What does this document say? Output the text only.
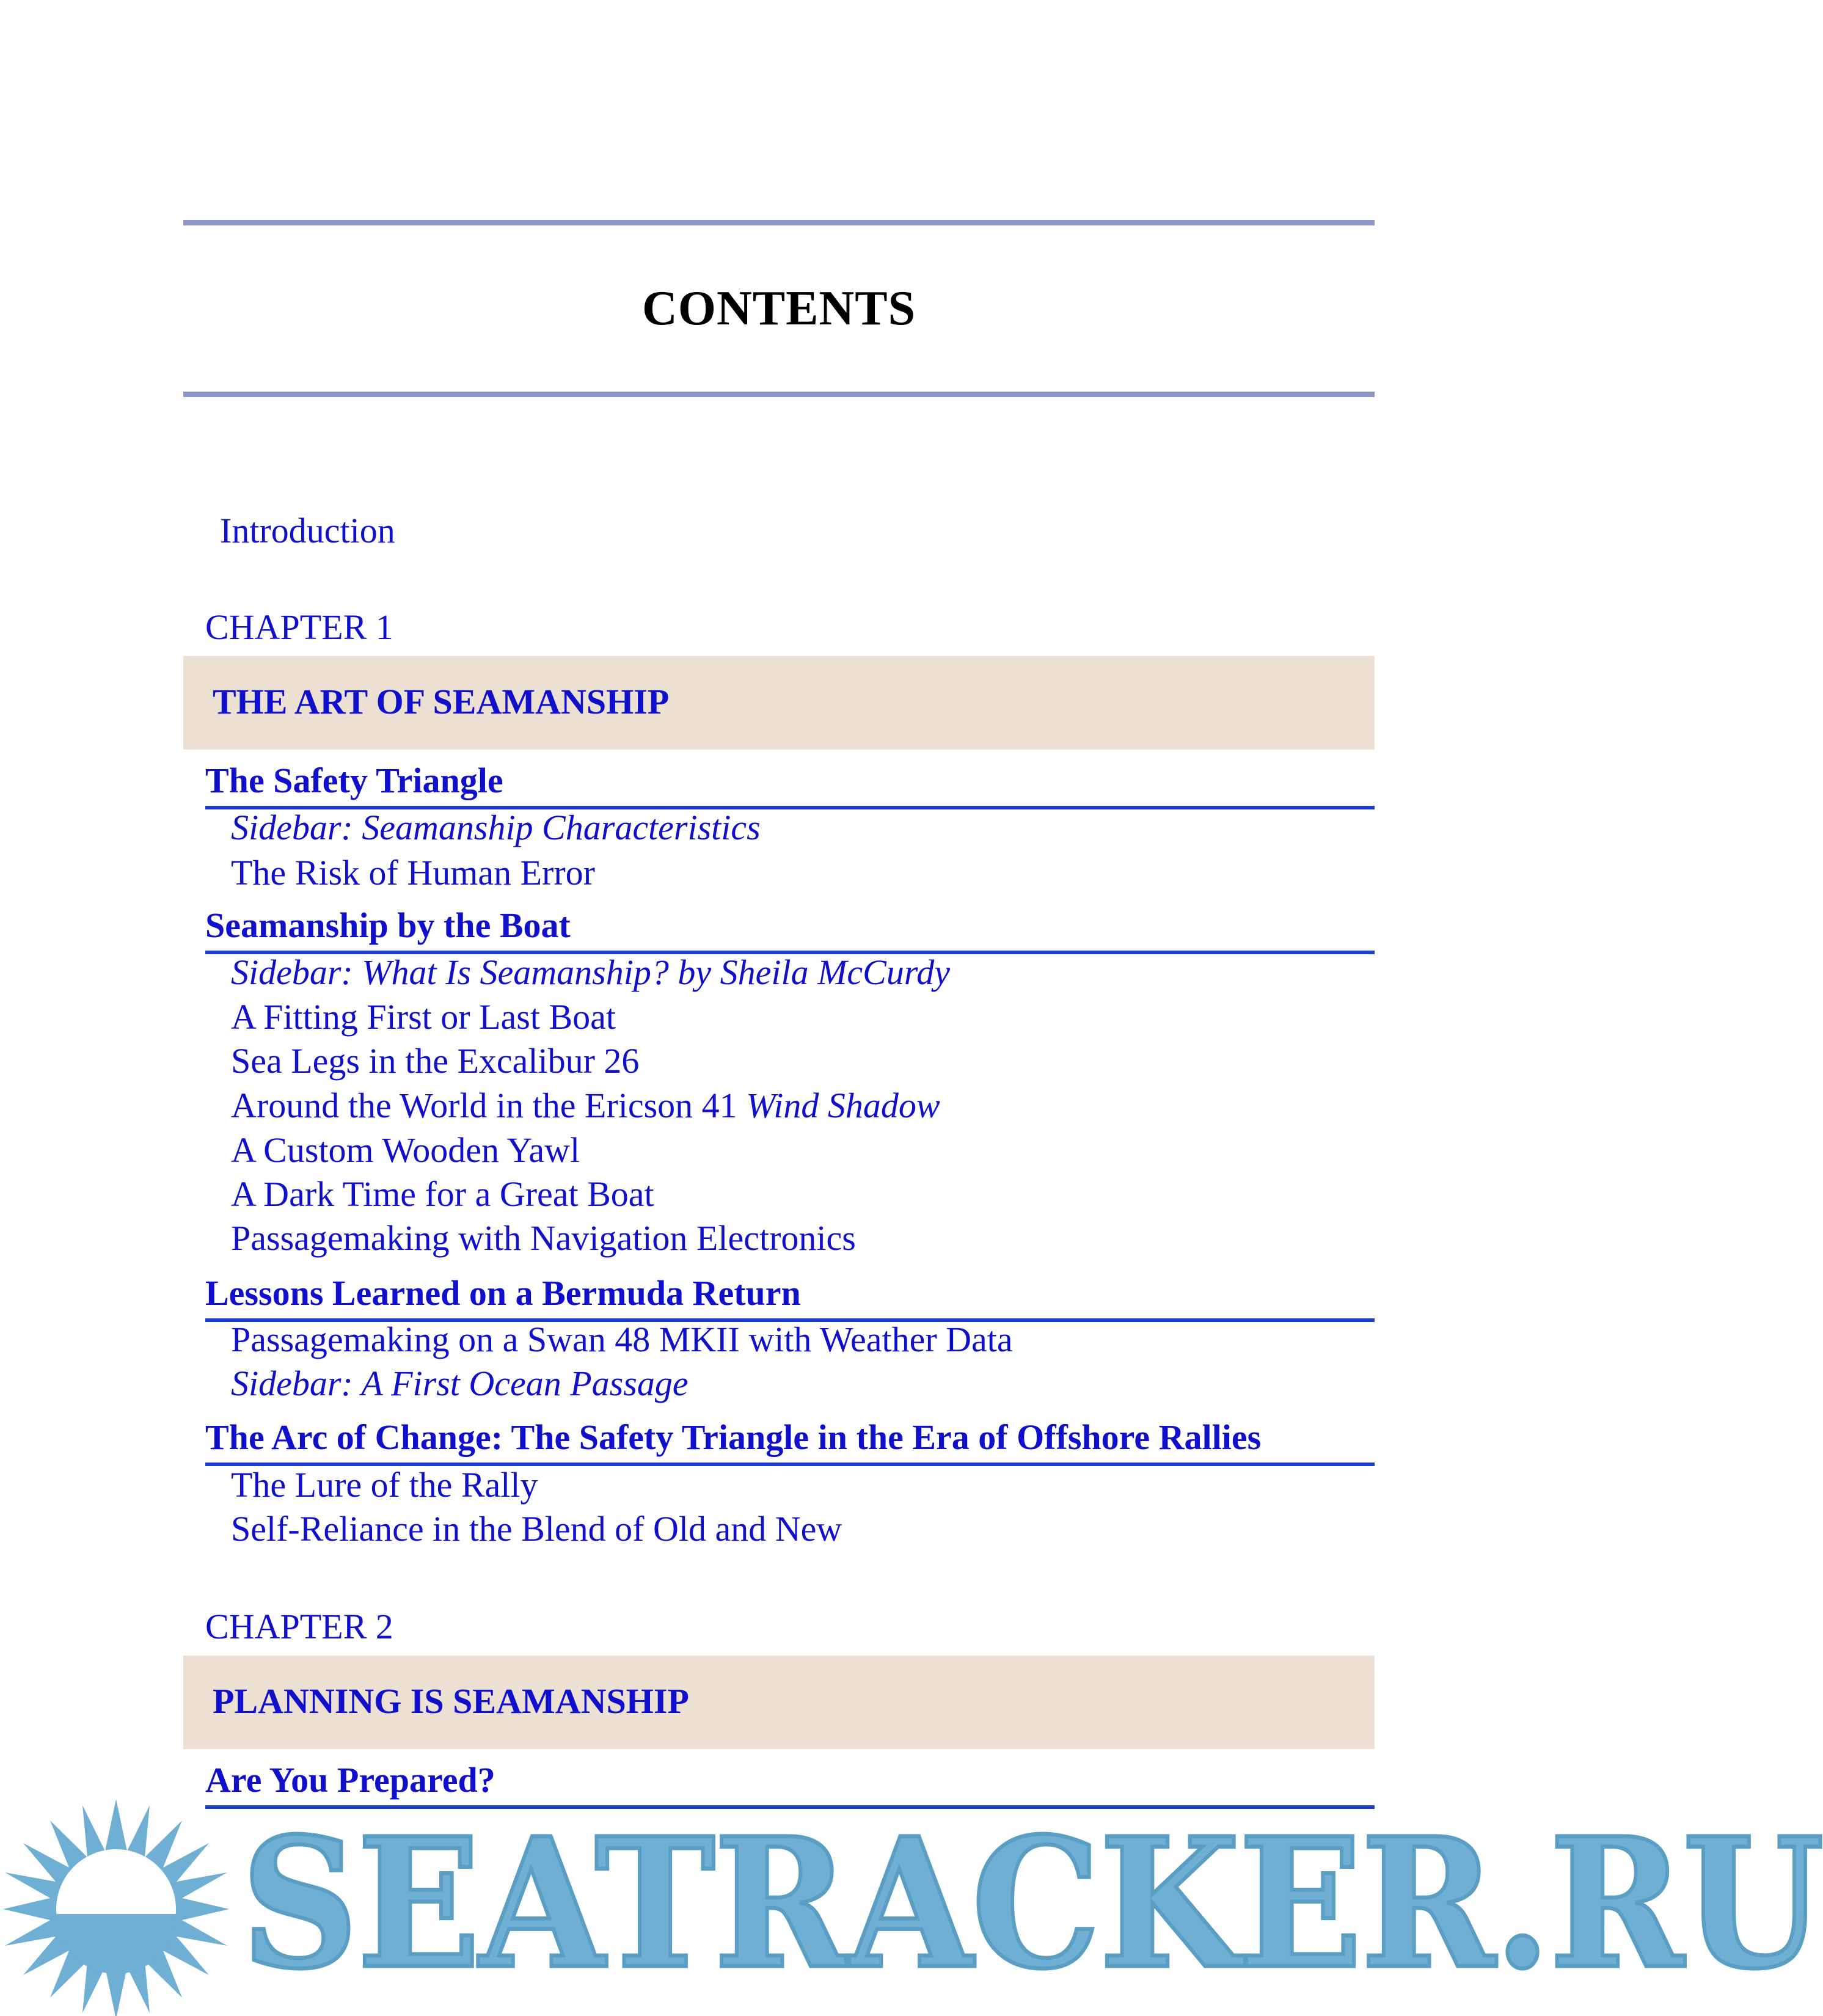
CONTENTS
Introduction
CHAPTER 1
THE ART OF SEAMANSHIP
The Safety Triangle
Sidebar: Seamanship Characteristics
The Risk of Human Error
Seamanship by the Boat
Sidebar: What Is Seamanship? by Sheila McCurdy
A Fitting First or Last Boat
Sea Legs in the Excalibur 26
Around the World in the Ericson 41 Wind Shadow
A Custom Wooden Yawl
A Dark Time for a Great Boat
Passagemaking with Navigation Electronics
Lessons Learned on a Bermuda Return
Passagemaking on a Swan 48 MKII with Weather Data
Sidebar: A First Ocean Passage
The Arc of Change: The Safety Triangle in the Era of Offshore Rallies
The Lure of the Rally
Self-Reliance in the Blend of Old and New
CHAPTER 2
PLANNING IS SEAMANSHIP
Are You Prepared?
SEATRACKER.RU
